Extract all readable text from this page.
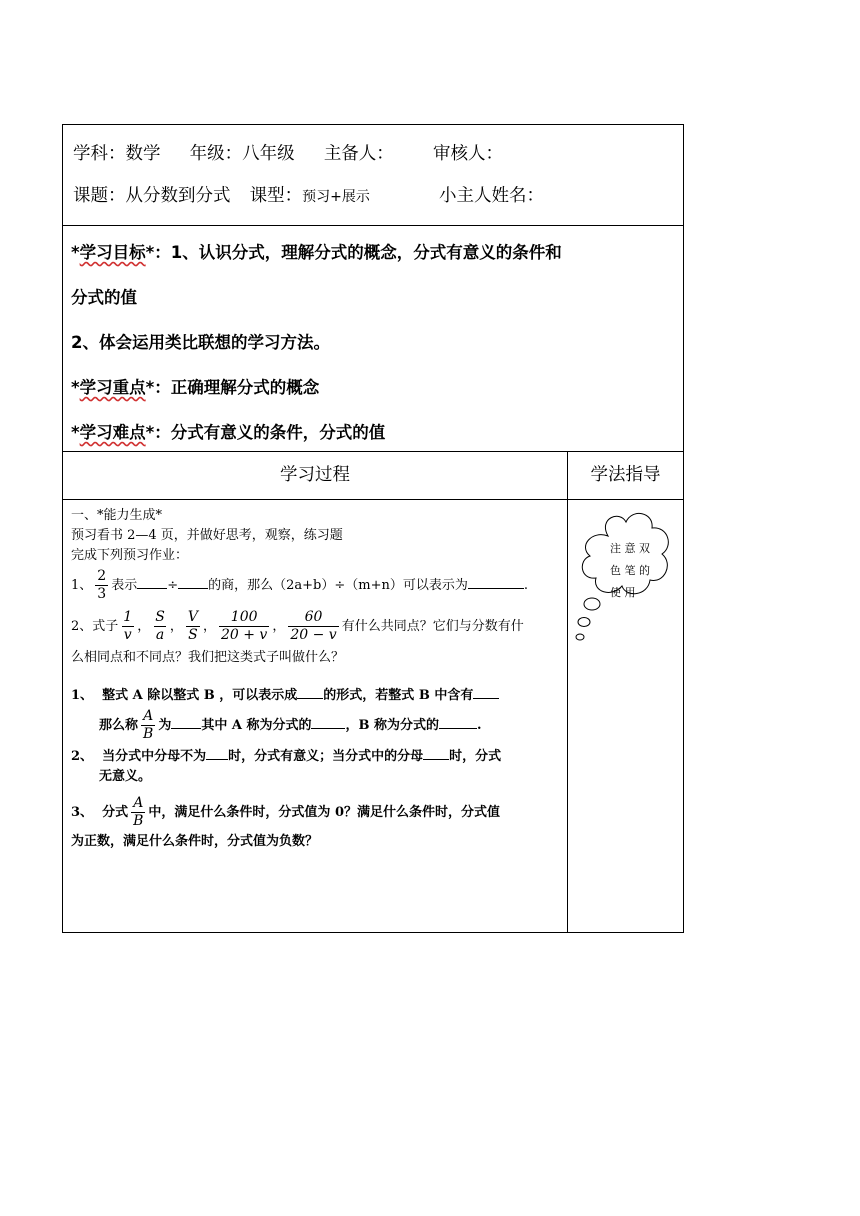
学科：数学 年级：八年级 主备人： 审核人：
课题：从分数到分式 课型：预习+展示	小主人姓名：
*学习目标*：1、认识分式，理解分式的概念，分式有意义的条件和
分式的值
2、体会运用类比联想的学习方法。
*学习重点*：正确理解分式的概念
*学习难点*：分式有意义的条件，分式的值
学习过程
一、*能力生成*
预习看书 2—4 页，并做好思考，观察，练习题
完成下列预习作业：
1、 $\frac{2}{3}$ 表示 ÷ 的商，那么（2a+b）÷（m+n）可以表示为	.
2、式子 $\frac{1}{v}$ ， $\frac{S}{a}$ ， $\frac{V}{S}$ ， $\frac{100}{20 + v}$ ， $\frac{60}{20 - v}$ 有什么共同点？它们与分数有什
么相同点和不同点？我们把这类式子叫做什么？
1、 整式 A 除以整式 B ，可以表示成 的形式，若整式 B 中含有
那么称 $\frac{A}{B}$ 为 其中 A 称为分式的	，B 称为分式的	.
2、 当分式中分母不为 时，分式有意义；当分式中的分母 时，分式
无意义。
3、 分式 $\frac{A}{B}$ 中，满足什么条件时，分式值为 0？满足什么条件时，分式值
为正数，满足什么条件时，分式值为负数？
学法指导
注 意 双
色 笔 的
使 用
